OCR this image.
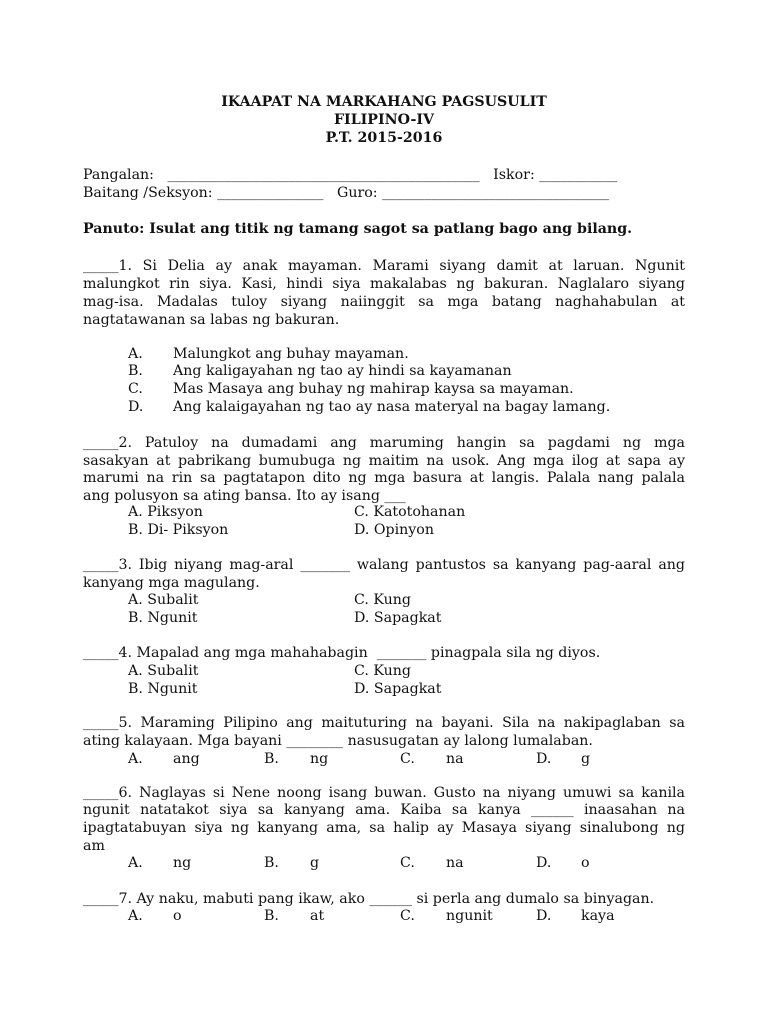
IKAAPAT NA MARKAHANG PAGSUSULIT
FILIPINO-IV
P.T. 2015-2016
Pangalan:   ____________________________________________   Iskor: ___________
Baitang /Seksyon: _______________   Guro: ________________________________
Panuto: Isulat ang titik ng tamang sagot sa patlang bago ang bilang.
_____1. Si Delia ay anak mayaman. Marami siyang damit at laruan. Ngunit
malungkot rin siya. Kasi, hindi siya makalabas ng bakuran. Naglalaro siyang
mag-isa. Madalas tuloy siyang naiinggit sa mga batang naghahabulan at
nagtatawanan sa labas ng bakuran.
A. Malungkot ang buhay mayaman.
B. Ang kaligayahan ng tao ay hindi sa kayamanan
C. Mas Masaya ang buhay ng mahirap kaysa sa mayaman.
D. Ang kalaigayahan ng tao ay nasa materyal na bagay lamang.
_____2. Patuloy na dumadami ang maruming hangin sa pagdami ng mga
sasakyan at pabrikang bumubuga ng maitim na usok. Ang mga ilog at sapa ay
marumi na rin sa pagtatapon dito ng mga basura at langis. Palala nang palala
ang polusyon sa ating bansa. Ito ay isang ___
A. Piksyon	C. Katotohanan
B. Di- Piksyon	D. Opinyon
_____3. Ibig niyang mag-aral _______ walang pantustos sa kanyang pag-aaral ang
kanyang mga magulang.
A. Subalit	C. Kung
B. Ngunit	D. Sapagkat
_____4. Mapalad ang mga mahahabagin  _______ pinagpala sila ng diyos.
A. Subalit	C. Kung
B. Ngunit	D. Sapagkat
_____5. Maraming Pilipino ang maituturing na bayani. Sila na nakipaglaban sa
ating kalayaan. Mga bayani ________ nasusugatan ay lalong lumalaban.
A. ang	B. ng	C. na	D. g
_____6. Naglayas si Nene noong isang buwan. Gusto na niyang umuwi sa kanila
ngunit natatakot siya sa kanyang ama. Kaiba sa kanya ______ inaasahan na
ipagtatabuyan siya ng kanyang ama, sa halip ay Masaya siyang sinalubong ng
am
A. ng	B. g	C. na	D. o
_____7. Ay naku, mabuti pang ikaw, ako ______ si perla ang dumalo sa binyagan.
A. o	B. at	C. ngunit	D. kaya
